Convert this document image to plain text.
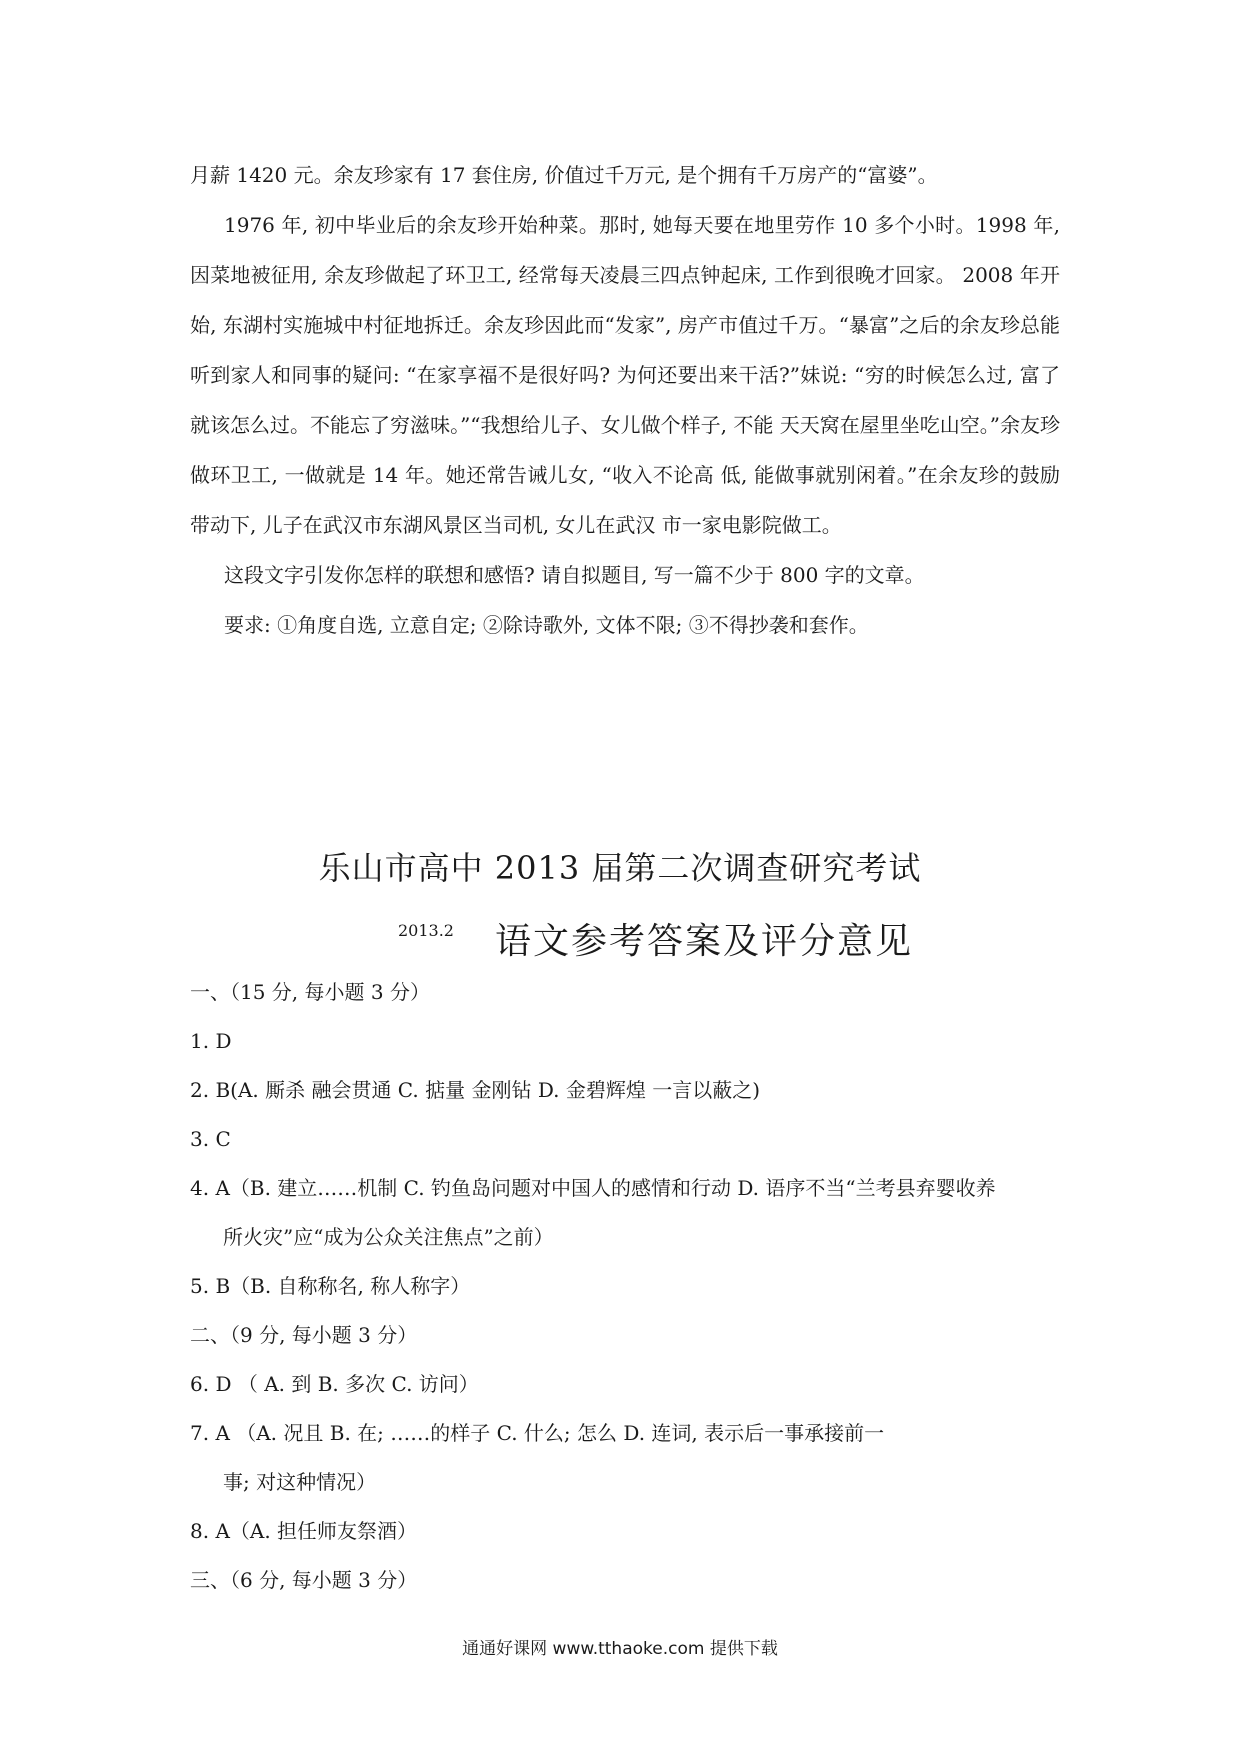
月薪 1420 元。余友珍家有 17 套住房, 价值过千万元, 是个拥有千万房产的“富婆”。

1976 年, 初中毕业后的余友珍开始种菜。那时, 她每天要在地里劳作 10 多个小时。1998 年, 因菜地被征用, 余友珍做起了环卫工, 经常每天凌晨三四点钟起床, 工作到很晚才回家。 2008 年开始, 东湖村实施城中村征地拆迁。余友珍因此而“发家”, 房产市值过千万。“暴富”之后的余友珍总能听到家人和同事的疑问: “在家享福不是很好吗? 为何还要出来干活?”妹说: “穷的时候怎么过, 富了就该怎么过。不能忘了穷滋味。”“我想给儿子、女儿做个样子, 不能 天天窝在屋里坐吃山空。”余友珍做环卫工, 一做就是 14 年。她还常告诫儿女, “收入不论高 低, 能做事就别闲着。”在余友珍的鼓励带动下, 儿子在武汉市东湖风景区当司机, 女儿在武汉 市一家电影院做工。

这段文字引发你怎样的联想和感悟? 请自拟题目, 写一篇不少于 800 字的文章。

要求: ①角度自选, 立意自定; ②除诗歌外, 文体不限; ③不得抄袭和套作。

乐山市高中 2013 届第二次调查研究考试
2013.2 语文参考答案及评分意见
一、（15 分, 每小题 3 分）
1. D
2. B(A. 厮杀 融会贯通 C. 掂量 金刚钻 D. 金碧辉煌 一言以蔽之)
3. C
4. A（B. 建立……机制 C. 钓鱼岛问题对中国人的感情和行动 D. 语序不当“兰考县弃婴收养
所火灾”应“成为公众关注焦点”之前）
5. B（B. 自称称名, 称人称字）
二、（9 分, 每小题 3 分）
6. D （ A. 到 B. 多次 C. 访问）
7. A （A. 况且 B. 在; ……的样子 C. 什么; 怎么 D. 连词, 表示后一事承接前一
事; 对这种情况）
8. A（A. 担任师友祭酒）
三、（6 分, 每小题 3 分）
通通好课网 www.tthaoke.com 提供下载
